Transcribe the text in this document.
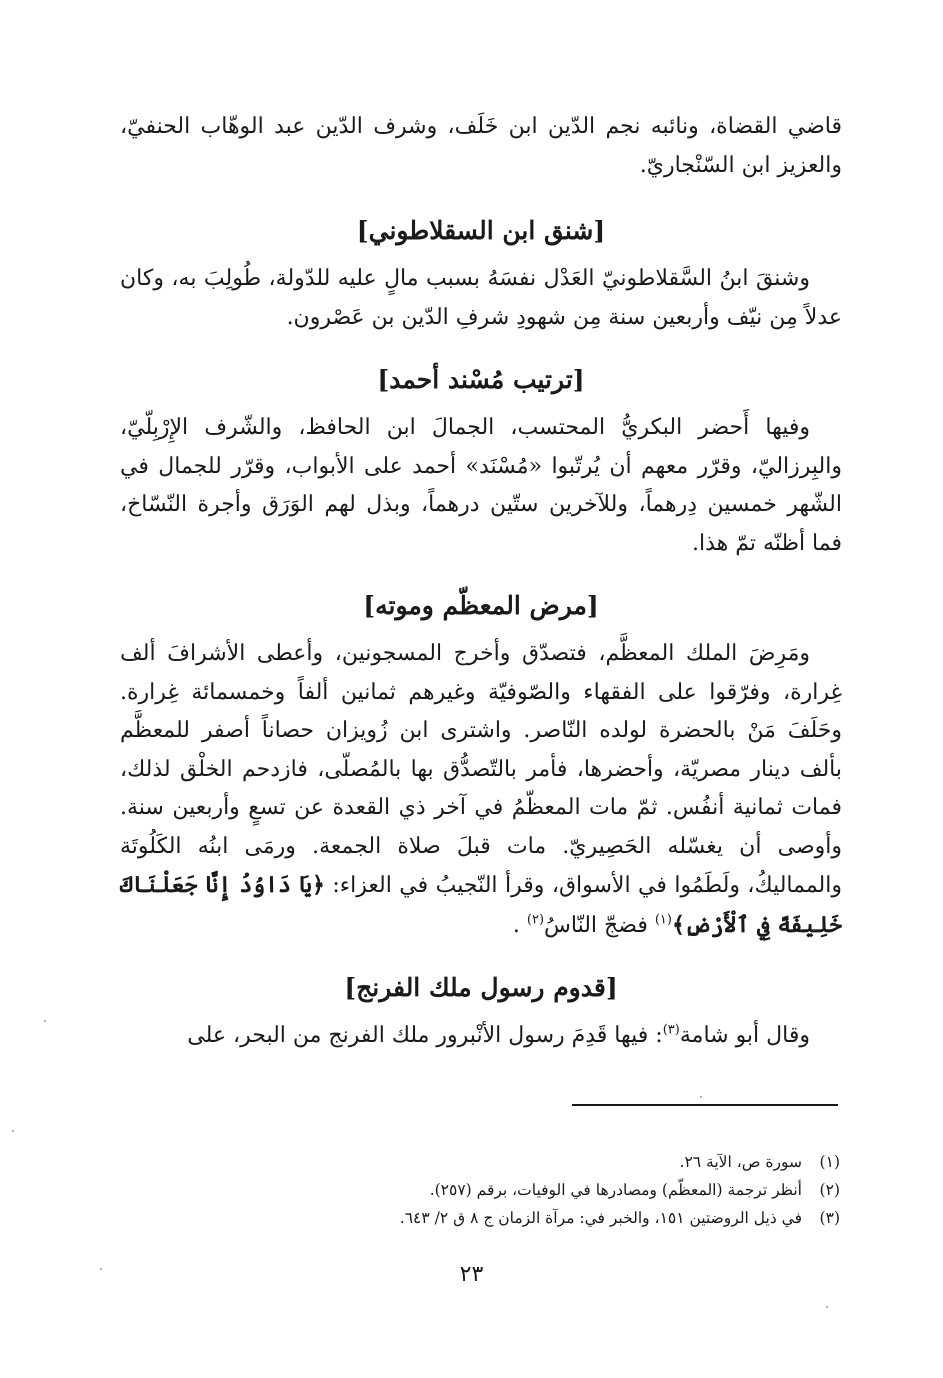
قاضي القضاة، ونائبه نجم الدّين ابن خَلَف، وشرف الدّين عبد الوهّاب الحنفيّ، والعزيز ابن السّنْجاريّ.

[شنق ابن السقلاطوني]

وشنقَ ابنُ السَّقلاطونيّ العَدْل نفسَهُ بسبب مالٍ عليه للدّولة، طُولِبَ به، وكان عدلاً مِن نيّف وأربعين سنة مِن شهودِ شرفِ الدّين بن عَصْرون.

[ترتيب مُسْند أحمد]

وفيها أَحضر البكريُّ المحتسب، الجمالَ ابن الحافظ، والشّرف الإِرْبِلّيّ، والبِرزاليّ، وقرّر معهم أن يُرتّبوا «مُسْنَد» أحمد على الأبواب، وقرّر للجمال في الشّهر خمسين دِرهماً، وللآخرين ستّين درهماً، وبذل لهم الوَرَق وأجرة النّسّاخ، فما أظنّه تمّ هذا.

[مرض المعظّم وموته]

ومَرِضَ الملك المعظَّم، فتصدّق وأخرج المسجونين، وأعطى الأشرافَ ألف غِرارة، وفرّقوا على الفقهاء والصّوفيّة وغيرهم ثمانين ألفاً وخمسمائة غِرارة. وحَلَفَ مَنْ بالحضرة لولده النّاصر. واشترى ابن زُويزان حصاناً أصفر للمعظَّم بألف دينار مصريّة، وأحضرها، فأمر بالتّصدُّق بها بالمُصلّى، فازدحم الخلْق لذلك، فمات ثمانية أنفُس. ثمّ مات المعظّمُ في آخر ذي القعدة عن تسعٍ وأربعين سنة. وأوصى أن يغسّله الحَصِيريّ. مات قبلَ صلاة الجمعة. ورمَى ابنُه الكَلُوتَة والمماليكُ، ولَطَمُوا في الأسواق، وقرأ النّجيبُ في العزاء: ﴿يَا دَاوُدُ إِنَّا جَعَلْنَاكَ خَلِيفَةً فِي ٱلْأَرْضِ﴾$^{(١)}$ فضجّ النّاسُ$^{(٢)}$ .

[قدوم رسول ملك الفرنج]

وقال أبو شامة$^{(٣)}$: فيها قَدِمَ رسول الأنْبرور ملك الفرنج من البحر، على

(١)
سورة ص، الآية ٢٦.
(٢)
أنظر ترجمة (المعظّم) ومصادرها في الوفيات، برقم (٢٥٧).
(٣)
في ذيل الروضتين ١٥١، والخبر في: مرآة الزمان ج ٨ ق ٢/ ٦٤٣.
٢٣
